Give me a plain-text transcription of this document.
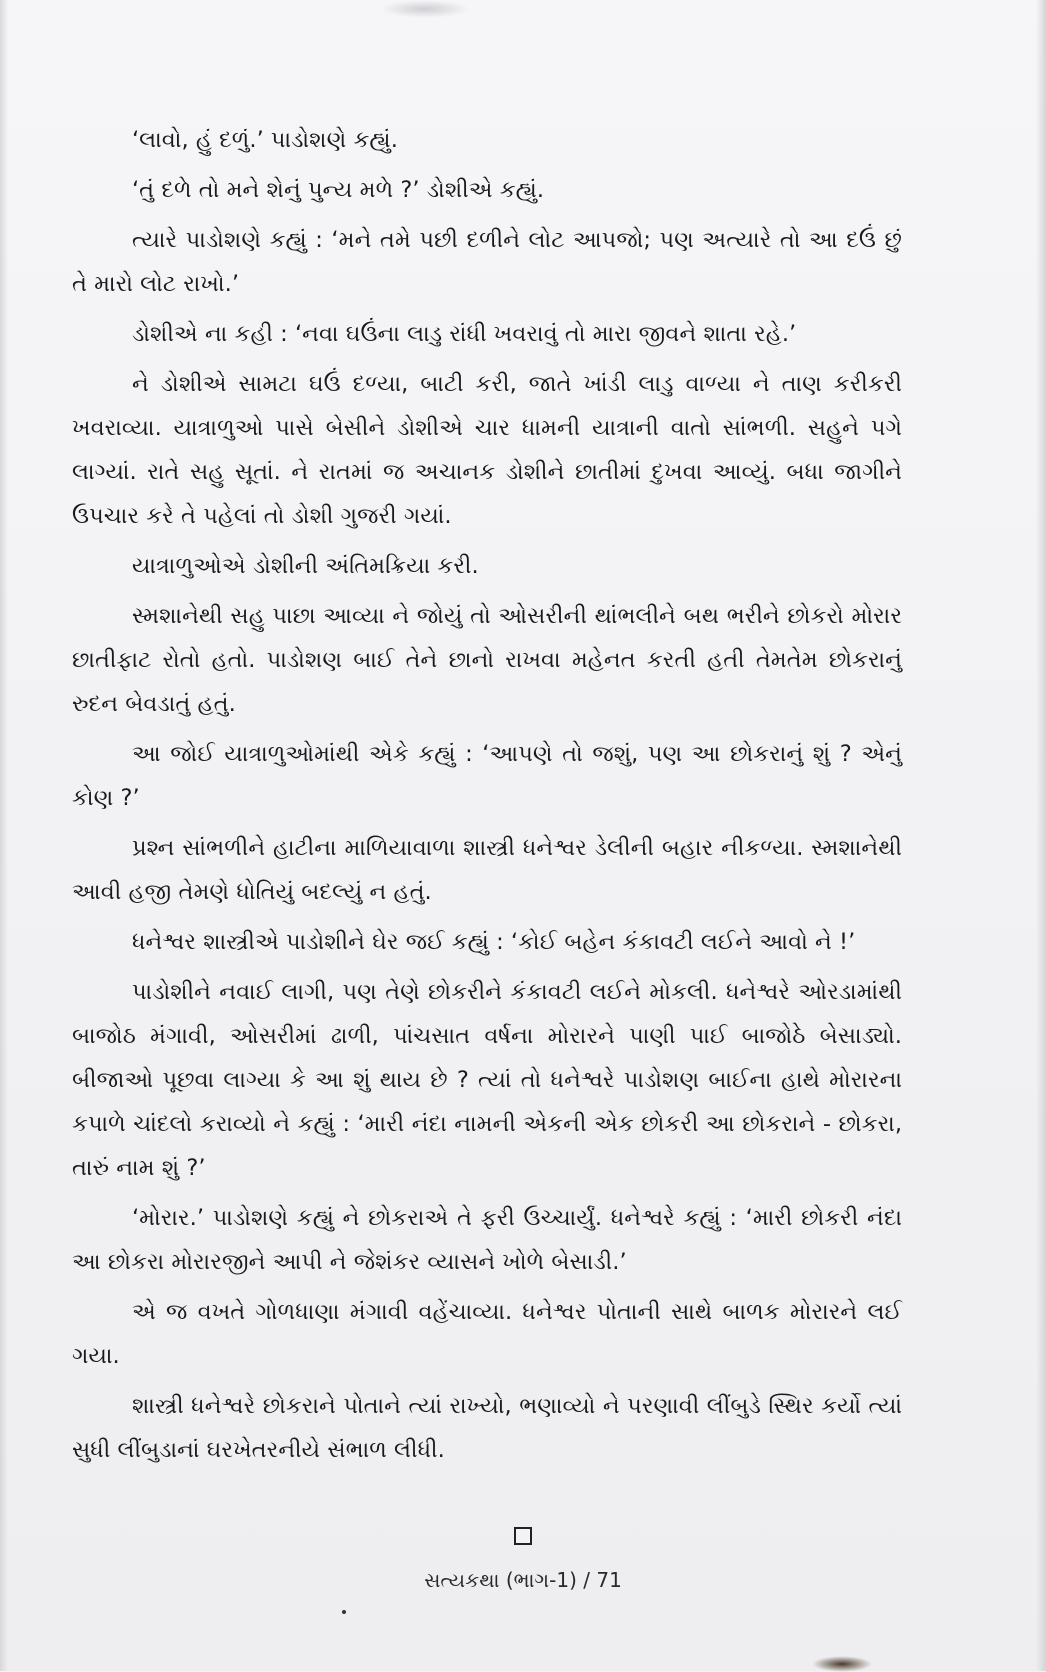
‘લાવો, હું દળું.’ પાડોશણે કહ્યું.

‘તું દળે તો મને શેનું પુન્ય મળે ?’ ડોશીએ કહ્યું.

ત્યારે પાડોશણે કહ્યું : ‘મને તમે પછી દળીને લોટ આપજો; પણ અત્યારે તો આ દઉં છું તે મારો લોટ રાખો.’

ડોશીએ ના કહી : ‘નવા ઘઉંના લાડુ રાંધી ખવરાવું તો મારા જીવને શાતા રહે.’

ને ડોશીએ સામટા ઘઉં દળ્યા, બાટી કરી, જાતે ખાંડી લાડુ વાળ્યા ને તાણ કરીકરી ખવરાવ્યા. યાત્રાળુઓ પાસે બેસીને ડોશીએ ચાર ધામની યાત્રાની વાતો સાંભળી. સહુને પગે લાગ્યાં. રાતે સહુ સૂતાં. ને રાતમાં જ અચાનક ડોશીને છાતીમાં દુખવા આવ્યું. બધા જાગીને ઉપચાર કરે તે પહેલાં તો ડોશી ગુજરી ગયાં.

યાત્રાળુઓએ ડોશીની અંતિમક્રિયા કરી.

સ્મશાનેથી સહુ પાછા આવ્યા ને જોયું તો ઓસરીની થાંભલીને બથ ભરીને છોકરો મોરાર છાતીફાટ રોતો હતો. પાડોશણ બાઈ તેને છાનો રાખવા મહેનત કરતી હતી તેમતેમ છોકરાનું રુદન બેવડાતું હતું.

આ જોઈ યાત્રાળુઓમાંથી એકે કહ્યું : ‘આપણે તો જશું, પણ આ છોકરાનું શું ? એનું કોણ ?’

પ્રશ્ન સાંભળીને હાટીના માળિયાવાળા શાસ્ત્રી ધનેશ્વર ડેલીની બહાર નીકળ્યા. સ્મશાનેથી આવી હજી તેમણે ધોતિયું બદલ્યું ન હતું.

ધનેશ્વર શાસ્ત્રીએ પાડોશીને ઘેર જઈ કહ્યું : ‘કોઈ બહેન કંકાવટી લઈને આવો ને !’

પાડોશીને નવાઈ લાગી, પણ તેણે છોકરીને કંકાવટી લઈને મોકલી. ધનેશ્વરે ઓરડામાંથી બાજોઠ મંગાવી, ઓસરીમાં ઢાળી, પાંચસાત વર્ષના મોરારને પાણી પાઈ બાજોઠે બેસાડ્યો. બીજાઓ પૂછવા લાગ્યા કે આ શું થાય છે ? ત્યાં તો ધનેશ્વરે પાડોશણ બાઈના હાથે મોરારના કપાળે ચાંદલો કરાવ્યો ને કહ્યું : ‘મારી નંદા નામની એકની એક છોકરી આ છોકરાને - છોકરા, તારું નામ શું ?’

‘મોરાર.’ પાડોશણે કહ્યું ને છોકરાએ તે ફરી ઉચ્ચાર્યું. ધનેશ્વરે કહ્યું : ‘મારી છોકરી નંદા આ છોકરા મોરારજીને આપી ને જેશંકર વ્યાસને ખોળે બેસાડી.’

એ જ વખતે ગોળધાણા મંગાવી વહેંચાવ્યા. ધનેશ્વર પોતાની સાથે બાળક મોરારને લઈ ગયા.

શાસ્ત્રી ધનેશ્વરે છોકરાને પોતાને ત્યાં રાખ્યો, ભણાવ્યો ને પરણાવી લીંબુડે સ્થિર કર્યો ત્યાં સુધી લીંબુડાનાં ઘરખેતરનીયે સંભાળ લીધી.

સત્યકથા (ભાગ-1) / 71
